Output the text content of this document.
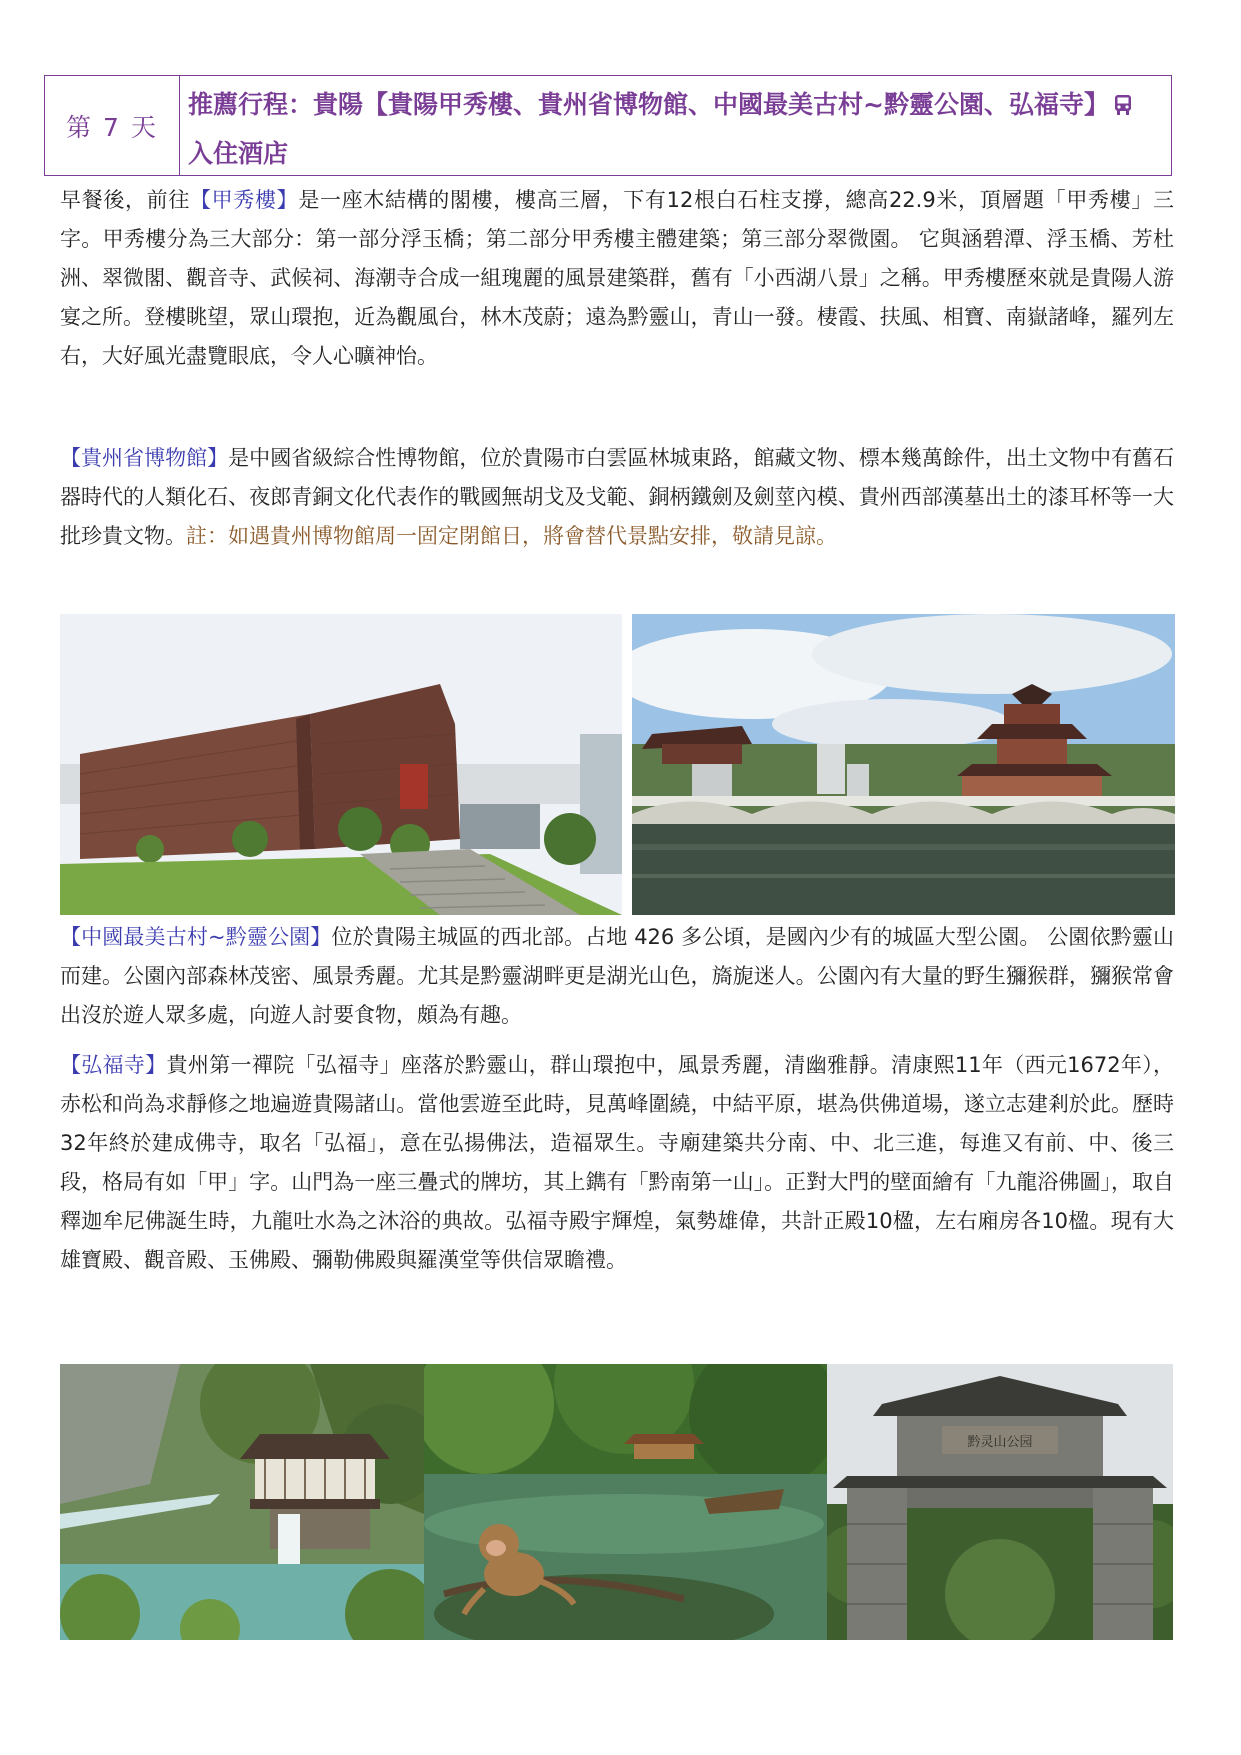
第 7 天
推薦行程：貴陽【貴陽甲秀樓、貴州省博物館、中國最美古村~黔靈公園、弘福寺】入住酒店
早餐後，前往【甲秀樓】是一座木結構的閣樓，樓高三層，下有12根白石柱支撐，總高22.9米，頂層題「甲秀樓」三字。甲秀樓分為三大部分：第一部分浮玉橋；第二部分甲秀樓主體建築；第三部分翠微園。 它與涵碧潭、浮玉橋、芳杜洲、翠微閣、觀音寺、武候祠、海潮寺合成一組瑰麗的風景建築群，舊有「小西湖八景」之稱。甲秀樓歷來就是貴陽人游宴之所。登樓眺望，眾山環抱，近為觀風台，林木茂蔚；遠為黔靈山，青山一發。棲霞、扶風、相寶、南嶽諸峰，羅列左右，大好風光盡覽眼底，令人心曠神怡。
【貴州省博物館】是中國省級綜合性博物館，位於貴陽市白雲區林城東路，館藏文物、標本幾萬餘件，出土文物中有舊石器時代的人類化石、夜郎青銅文化代表作的戰國無胡戈及戈範、銅柄鐵劍及劍莖內模、貴州西部漢墓出土的漆耳杯等一大批珍貴文物。註：如遇貴州博物館周一固定閉館日，將會替代景點安排，敬請見諒。
【中國最美古村~黔靈公園】位於貴陽主城區的西北部。占地 426 多公頃，是國內少有的城區大型公園。 公園依黔靈山而建。公園內部森林茂密、風景秀麗。尤其是黔靈湖畔更是湖光山色，旖旎迷人。公園內有大量的野生獼猴群，獼猴常會出沒於遊人眾多處，向遊人討要食物，頗為有趣。
【弘福寺】貴州第一禪院「弘福寺」座落於黔靈山，群山環抱中，風景秀麗，清幽雅靜。清康熙11年（西元1672年），赤松和尚為求靜修之地遍遊貴陽諸山。當他雲遊至此時，見萬峰圍繞，中結平原，堪為供佛道場，遂立志建剎於此。歷時32年終於建成佛寺，取名「弘福」，意在弘揚佛法，造福眾生。寺廟建築共分南、中、北三進，每進又有前、中、後三段，格局有如「甲」字。山門為一座三疊式的牌坊，其上鐫有「黔南第一山」。正對大門的壁面繪有「九龍浴佛圖」，取自釋迦牟尼佛誕生時，九龍吐水為之沐浴的典故。弘福寺殿宇輝煌，氣勢雄偉，共計正殿10楹，左右廂房各10楹。現有大雄寶殿、觀音殿、玉佛殿、彌勒佛殿與羅漢堂等供信眾瞻禮。
黔灵山公园
